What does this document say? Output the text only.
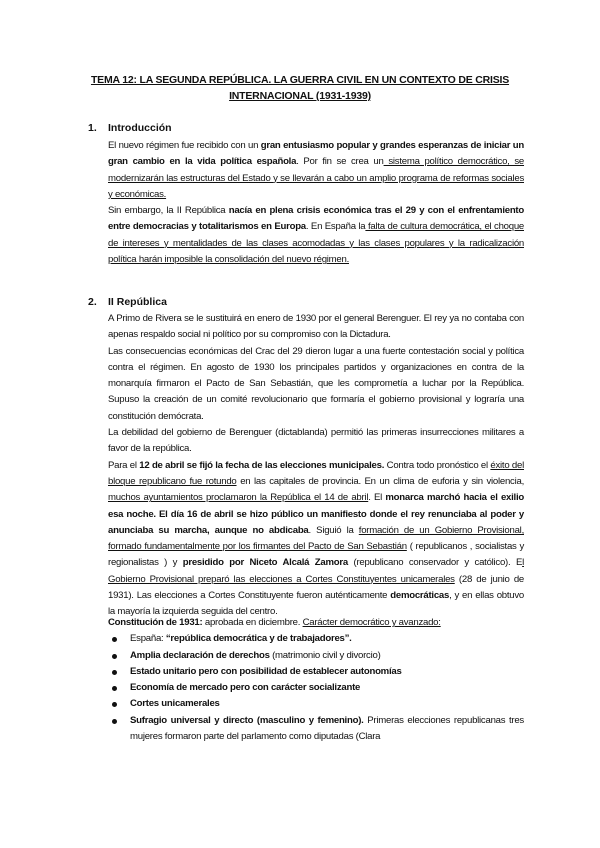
TEMA 12: LA SEGUNDA REPÚBLICA. LA GUERRA CIVIL EN UN CONTEXTO DE CRISIS
INTERNACIONAL (1931-1939)
1. Introducción

El nuevo régimen fue recibido con un gran entusiasmo popular y grandes esperanzas de iniciar un gran cambio en la vida política española. Por fin se crea un sistema político democrático, se modernizarán las estructuras del Estado y se llevarán a cabo un amplio programa de reformas sociales y económicas.

Sin embargo, la II República nacía en plena crisis económica tras el 29 y con el enfrentamiento entre democracias y totalitarismos en Europa. En España la falta de cultura democrática, el choque de intereses y mentalidades de las clases acomodadas y las clases populares y la radicalización política harán imposible la consolidación del nuevo régimen.

2. II República

A Primo de Rivera se le sustituirá en enero de 1930 por el general Berenguer. El rey ya no contaba con apenas respaldo social ni político por su compromiso con la Dictadura.

Las consecuencias económicas del Crac del 29 dieron lugar a una fuerte contestación social y política contra el régimen. En agosto de 1930 los principales partidos y organizaciones en contra de la monarquía firmaron el Pacto de San Sebastián, que les comprometía a luchar por la República. Supuso la creación de un comité revolucionario que formaría el gobierno provisional y lograría una constitución demócrata.

La debilidad del gobierno de Berenguer (dictablanda) permitió las primeras insurrecciones militares a favor de la república.

Para el 12 de abril se fijó la fecha de las elecciones municipales. Contra todo pronóstico el éxito del bloque republicano fue rotundo en las capitales de provincia. En un clima de euforia y sin violencia, muchos ayuntamientos proclamaron la República el 14 de abril. El monarca marchó hacia el exilio esa noche. El día 16 de abril se hizo público un manifiesto donde el rey renunciaba al poder y anunciaba su marcha, aunque no abdicaba. Siguió la formación de un Gobierno Provisional, formado fundamentalmente por los firmantes del Pacto de San Sebastián ( republicanos , socialistas y regionalistas ) y presidido por Niceto Alcalá Zamora (republicano conservador y católico). El Gobierno Provisional preparó las elecciones a Cortes Constituyentes unicamerales (28 de junio de 1931). Las elecciones a Cortes Constituyente fueron auténticamente democráticas, y en ellas obtuvo la mayoría la izquierda seguida del centro.

Constitución de 1931: aprobada en diciembre. Carácter democrático y avanzado:

España: “república democrática y de trabajadores”.
Amplia declaración de derechos (matrimonio civil y divorcio)
Estado unitario pero con posibilidad de establecer autonomías
Economía de mercado pero con carácter socializante
Cortes unicamerales
Sufragio universal y directo (masculino y femenino). Primeras elecciones republicanas tres mujeres formaron parte del parlamento como diputadas (Clara
